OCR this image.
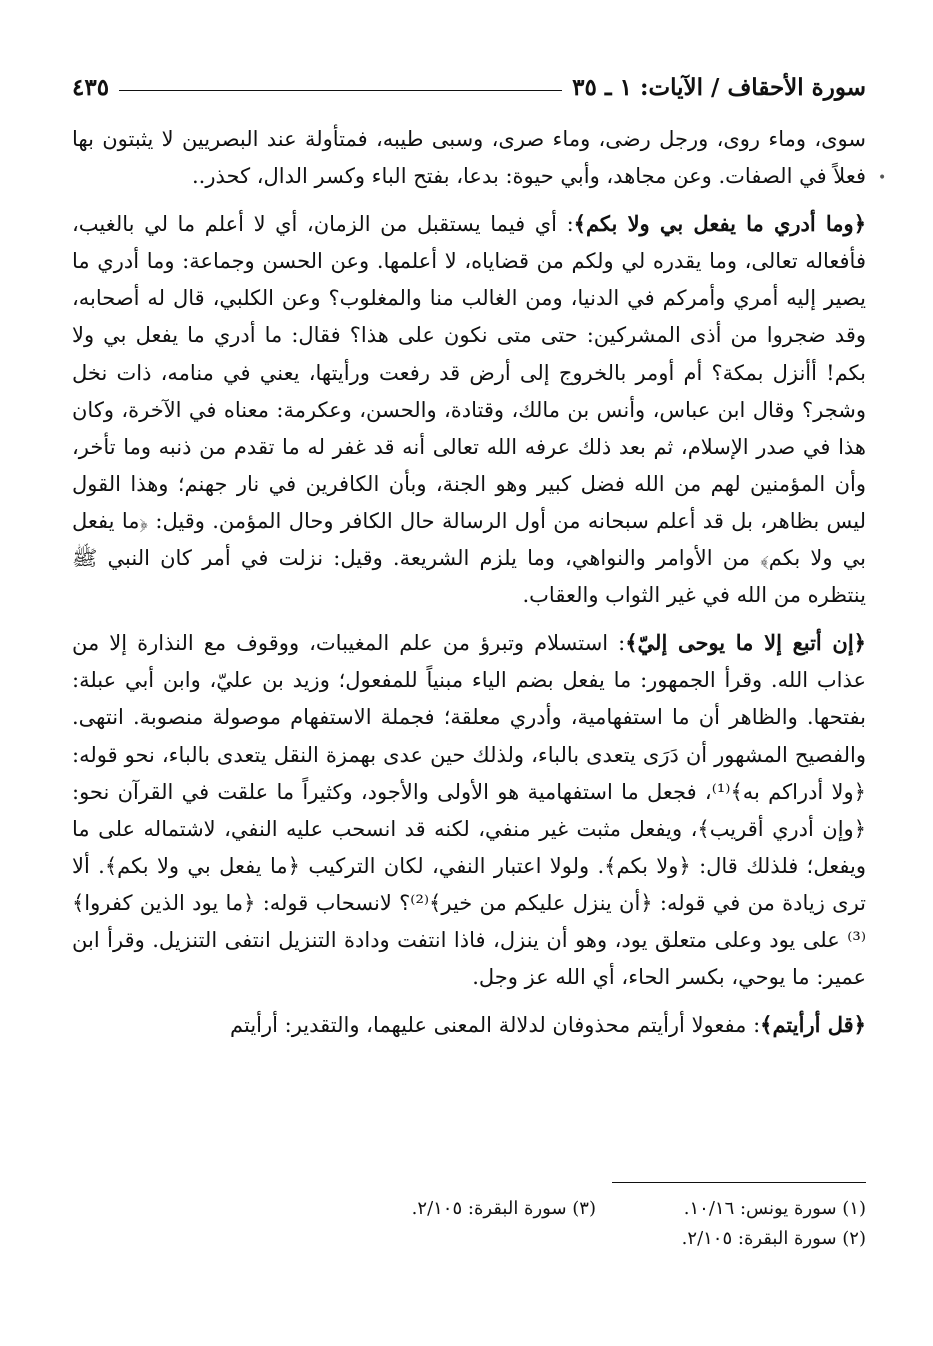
سورة الأحقاف / الآيات: ١ ـ ٣٥
٤٣٥
•

سوى، وماء روى، ورجل رضى، وماء صرى، وسبى طيبه، فمتأولة عند البصريين لا يثبتون بها فعلاً في الصفات. وعن مجاهد، وأبي حيوة: بدعا، بفتح الباء وكسر الدال، كحذر..

﴿وما أدري ما يفعل بي ولا بكم﴾: أي فيما يستقبل من الزمان، أي لا أعلم ما لي بالغيب، فأفعاله تعالى، وما يقدره لي ولكم من قضاياه، لا أعلمها. وعن الحسن وجماعة: وما أدري ما يصير إليه أمري وأمركم في الدنيا، ومن الغالب منا والمغلوب؟ وعن الكلبي، قال له أصحابه، وقد ضجروا من أذى المشركين: حتى متى نكون على هذا؟ فقال: ما أدري ما يفعل بي ولا بكم! أأنزل بمكة؟ أم أومر بالخروج إلى أرض قد رفعت ورأيتها، يعني في منامه، ذات نخل وشجر؟ وقال ابن عباس، وأنس بن مالك، وقتادة، والحسن، وعكرمة: معناه في الآخرة، وكان هذا في صدر الإسلام، ثم بعد ذلك عرفه الله تعالى أنه قد غفر له ما تقدم من ذنبه وما تأخر، وأن المؤمنين لهم من الله فضل كبير وهو الجنة، وبأن الكافرين في نار جهنم؛ وهذا القول ليس بظاهر، بل قد أعلم سبحانه من أول الرسالة حال الكافر وحال المؤمن. وقيل: ﴿ما يفعل بي ولا بكم﴾ من الأوامر والنواهي، وما يلزم الشريعة. وقيل: نزلت في أمر كان النبي ﷺ ينتظره من الله في غير الثواب والعقاب.

﴿إن أتبع إلا ما يوحى إليّ﴾: استسلام وتبرؤ من علم المغيبات، ووقوف مع النذارة إلا من عذاب الله. وقرأ الجمهور: ما يفعل بضم الياء مبنياً للمفعول؛ وزيد بن عليّ، وابن أبي عبلة: بفتحها. والظاهر أن ما استفهامية، وأدري معلقة؛ فجملة الاستفهام موصولة منصوبة. انتهى. والفصيح المشهور أن دَرَى يتعدى بالباء، ولذلك حين عدى بهمزة النقل يتعدى بالباء، نحو قوله: ﴿ولا أدراكم به﴾⁽¹⁾، فجعل ما استفهامية هو الأولى والأجود، وكثيراً ما علقت في القرآن نحو: ﴿وإن أدري أقريب﴾، ويفعل مثبت غير منفي، لكنه قد انسحب عليه النفي، لاشتماله على ما ويفعل؛ فلذلك قال: ﴿ولا بكم﴾. ولولا اعتبار النفي، لكان التركيب ﴿ما يفعل بي ولا بكم﴾. ألا ترى زيادة من في قوله: ﴿أن ينزل عليكم من خير﴾⁽²⁾؟ لانسحاب قوله: ﴿ما يود الذين كفروا﴾⁽³⁾ على يود وعلى متعلق يود، وهو أن ينزل، فاذا انتفت ودادة التنزيل انتفى التنزيل. وقرأ ابن عمير: ما يوحي، بكسر الحاء، أي الله عز وجل.

﴿قل أرأيتم﴾: مفعولا أرأيتم محذوفان لدلالة المعنى عليهما، والتقدير: أرأيتم

(١) سورة يونس: ١٠/١٦.
(٣) سورة البقرة: ٢/١٠٥.
(٢) سورة البقرة: ٢/١٠٥.
